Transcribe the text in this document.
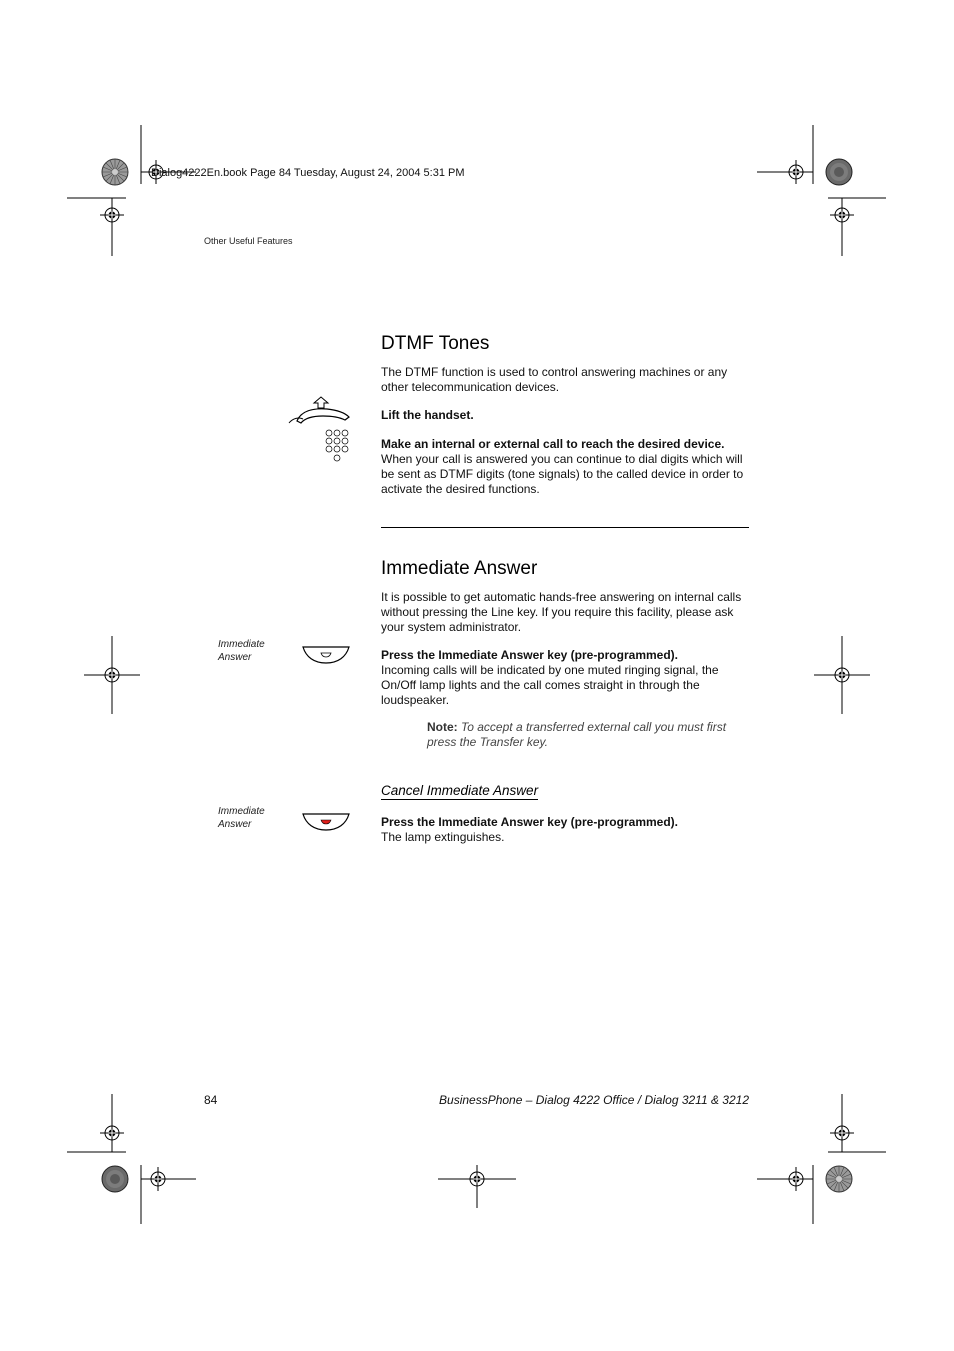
Dialog4222En.book Page 84 Tuesday, August 24, 2004 5:31 PM
Other Useful Features
DTMF Tones

The DTMF function is used to control answering machines or any other telecommunication devices.

Lift the handset.

Make an internal or external call to reach the desired device.
When your call is answered you can continue to dial digits which will be sent as DTMF digits (tone signals) to the called device in order to activate the desired functions.

Immediate Answer

It is possible to get automatic hands-free answering on internal calls without pressing the Line key. If you require this facility, please ask your system administrator.

Immediate
Answer	Press the Immediate Answer key (pre-programmed).
Incoming calls will be indicated by one muted ringing signal, the On/Off lamp lights and the call comes straight in through the loudspeaker.

Note: To accept a transferred external call you must first press the Transfer key.

Cancel Immediate Answer
Immediate
Answer	Press the Immediate Answer key (pre-programmed).
The lamp extinguishes.

84	BusinessPhone – Dialog 4222 Office / Dialog 3211 & 3212
